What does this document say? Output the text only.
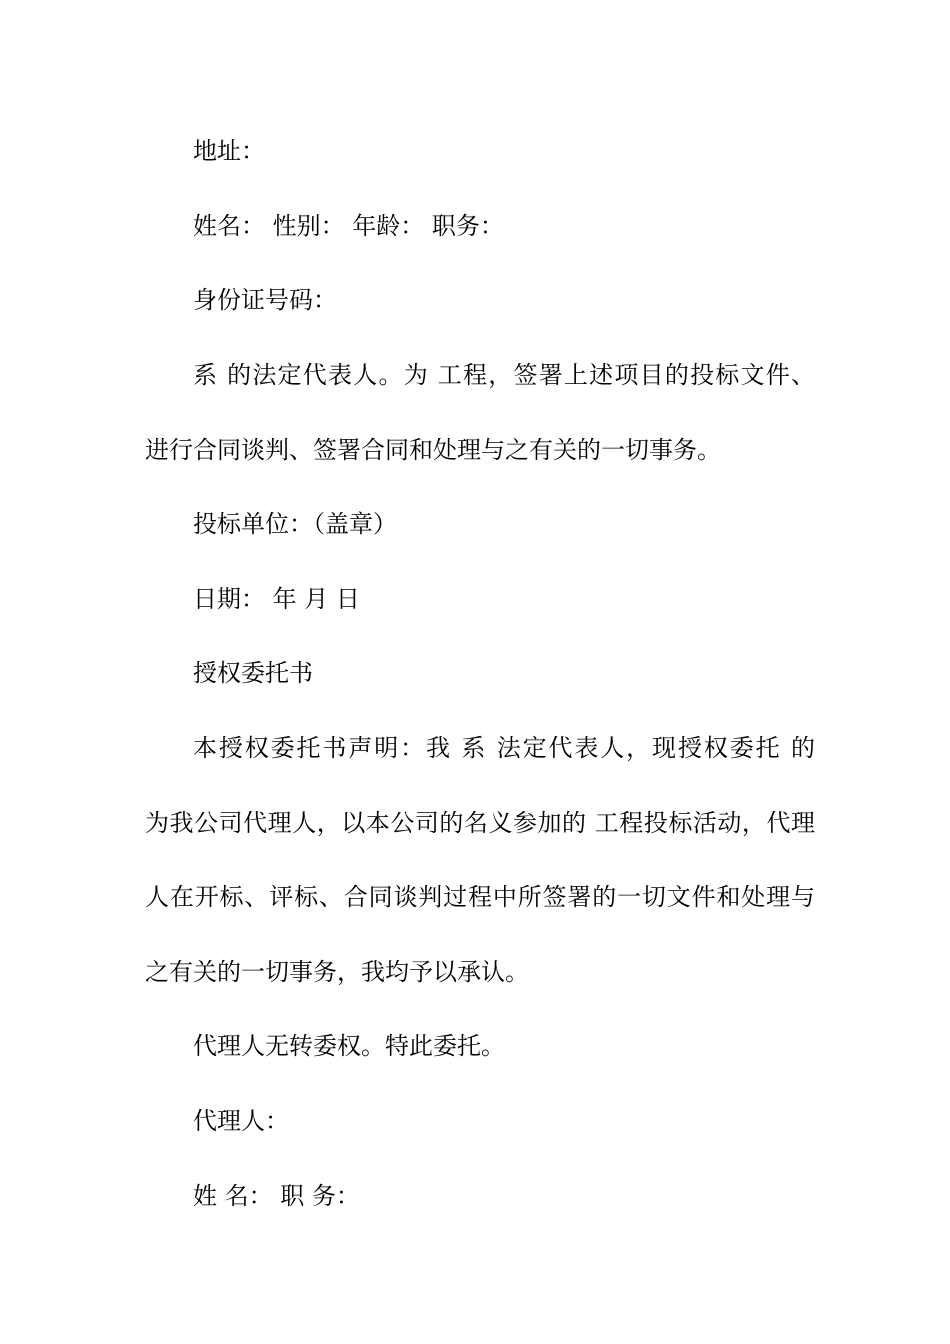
地址：

姓名： 性别： 年龄： 职务：

身份证号码：

系 的法定代表人。为 工程，签署上述项目的投标文件、

进行合同谈判、签署合同和处理与之有关的一切事务。

投标单位：（盖章）

日期： 年 月 日

授权委托书

本授权委托书声明：我 系 法定代表人，现授权委托 的

为我公司代理人，以本公司的名义参加的 工程投标活动，代理

人在开标、评标、合同谈判过程中所签署的一切文件和处理与

之有关的一切事务，我均予以承认。

代理人无转委权。特此委托。

代理人：

姓 名： 职 务：
